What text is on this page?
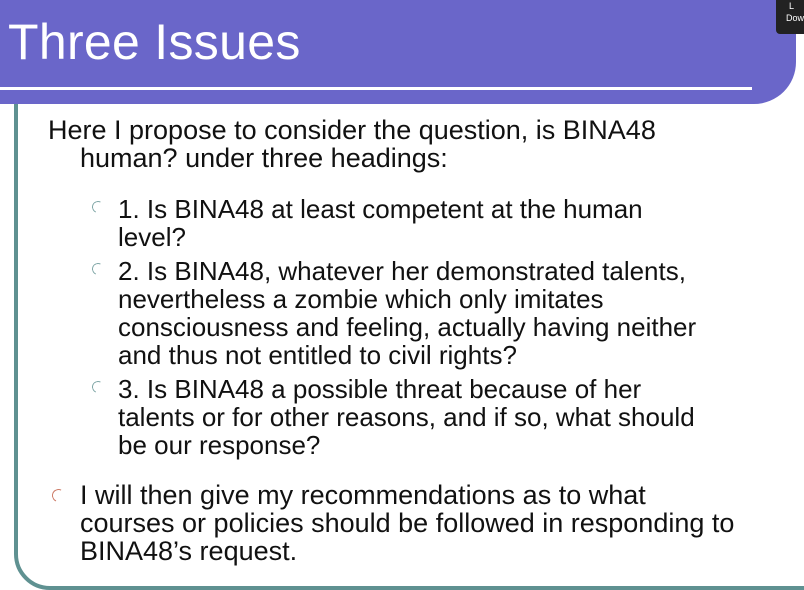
Three Issues
L
Dow
Here I propose to consider the question, is BINA48
human? under three headings:
1. Is BINA48 at least competent at the human
level?
2. Is BINA48, whatever her demonstrated talents,
nevertheless a zombie which only imitates
consciousness and feeling, actually having neither
and thus not entitled to civil rights?
3. Is BINA48 a possible threat because of her
talents or for other reasons, and if so, what should
be our response?
I will then give my recommendations as to what
courses or policies should be followed in responding to
BINA48’s request.
